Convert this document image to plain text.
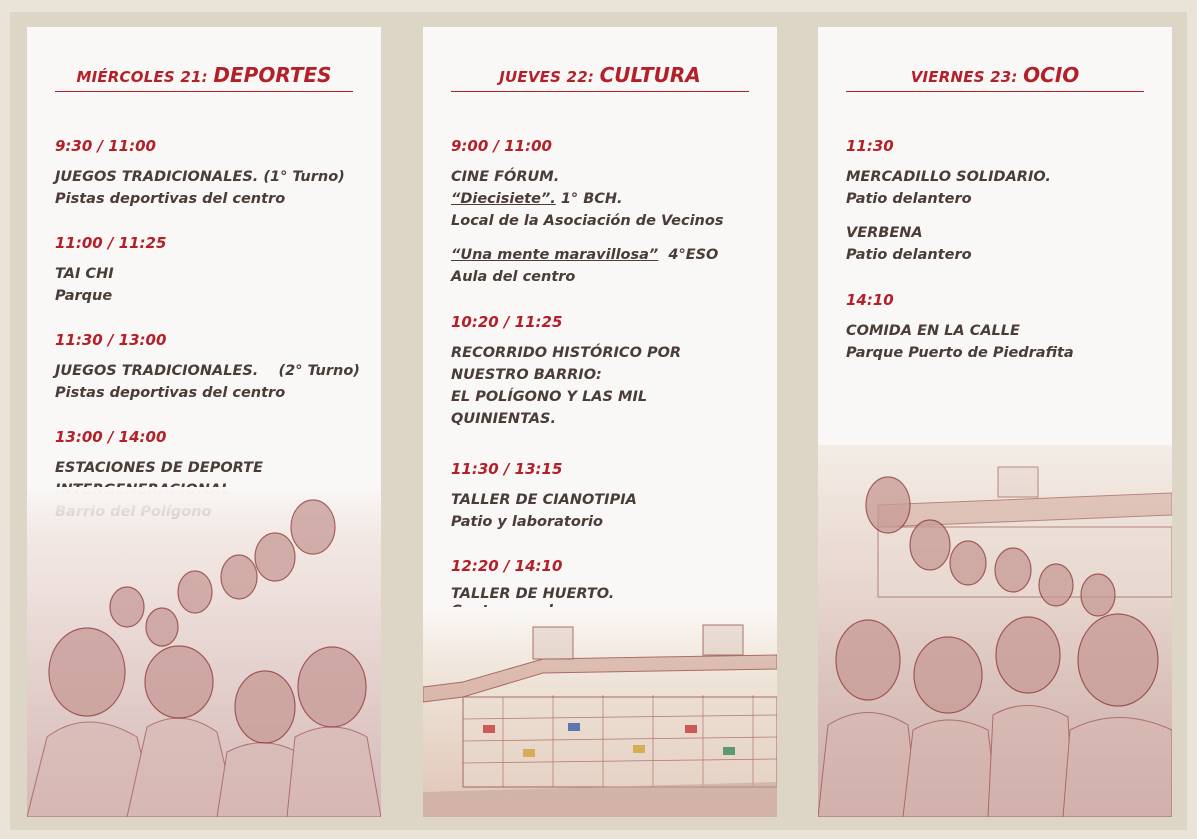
MIÉRCOLES 21: DEPORTES
9:30 / 11:00
JUEGOS TRADICIONALES. (1° Turno)
Pistas deportivas del centro
11:00 / 11:25
TAI CHI
Parque
11:30 / 13:00
JUEGOS TRADICIONALES.    (2° Turno)
Pistas deportivas del centro
13:00 / 14:00
ESTACIONES DE DEPORTE
JUEVES 22: CULTURA
9:00 / 11:00
CINE FÓRUM.
“Diecisiete”. 1° BCH.
Local de la Asociación de Vecinos
“Una mente maravillosa”  4°ESO
Aula del centro
10:20 / 11:25
RECORRIDO HISTÓRICO POR
NUESTRO BARRIO:
EL POLÍGONO Y LAS MIL
QUINIENTAS.
11:30 / 13:15
TALLER DE CIANOTIPIA
Patio y laboratorio
12:20 / 14:10
TALLER DE HUERTO.
VIERNES 23: OCIO
11:30
MERCADILLO SOLIDARIO.
Patio delantero
VERBENA
Patio delantero
14:10
COMIDA EN LA CALLE
Parque Puerto de Piedrafita
